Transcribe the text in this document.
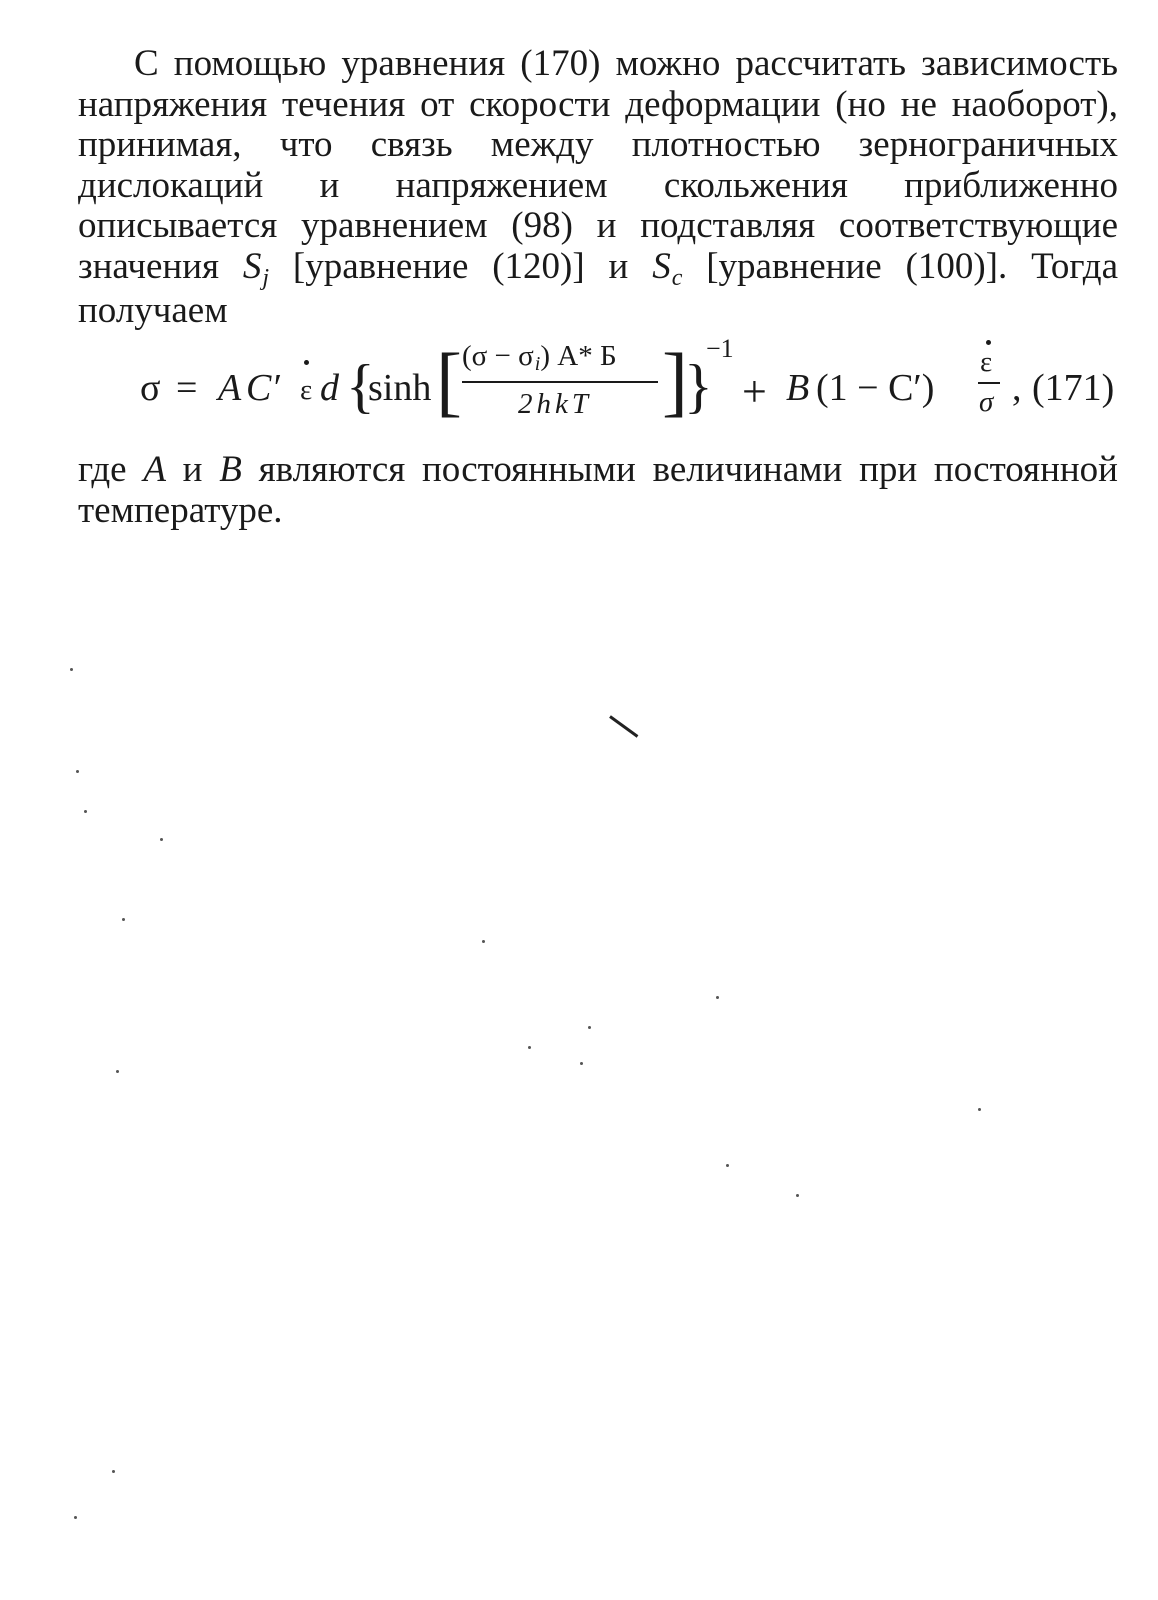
С помощью уравнения (170) можно рассчитать зависимость напряжения течения от скорости деформации (но не наоборот), принимая, что связь между плотностью зернограничных дислокаций и напряжением скольжения приближенно описывается уравнением (98) и подставляя соответствующие значения Sj [уравнение (120)] и Sc [уравнение (100)]. Тогда получаем

σ = A C′ ε d {
sinh [ (σ − σi) A* Б
2hkT ]
}
−1
+ B (1 − C′)
ε
σ , (171)

где A и B являются постоянными величинами при постоянной температуре.
